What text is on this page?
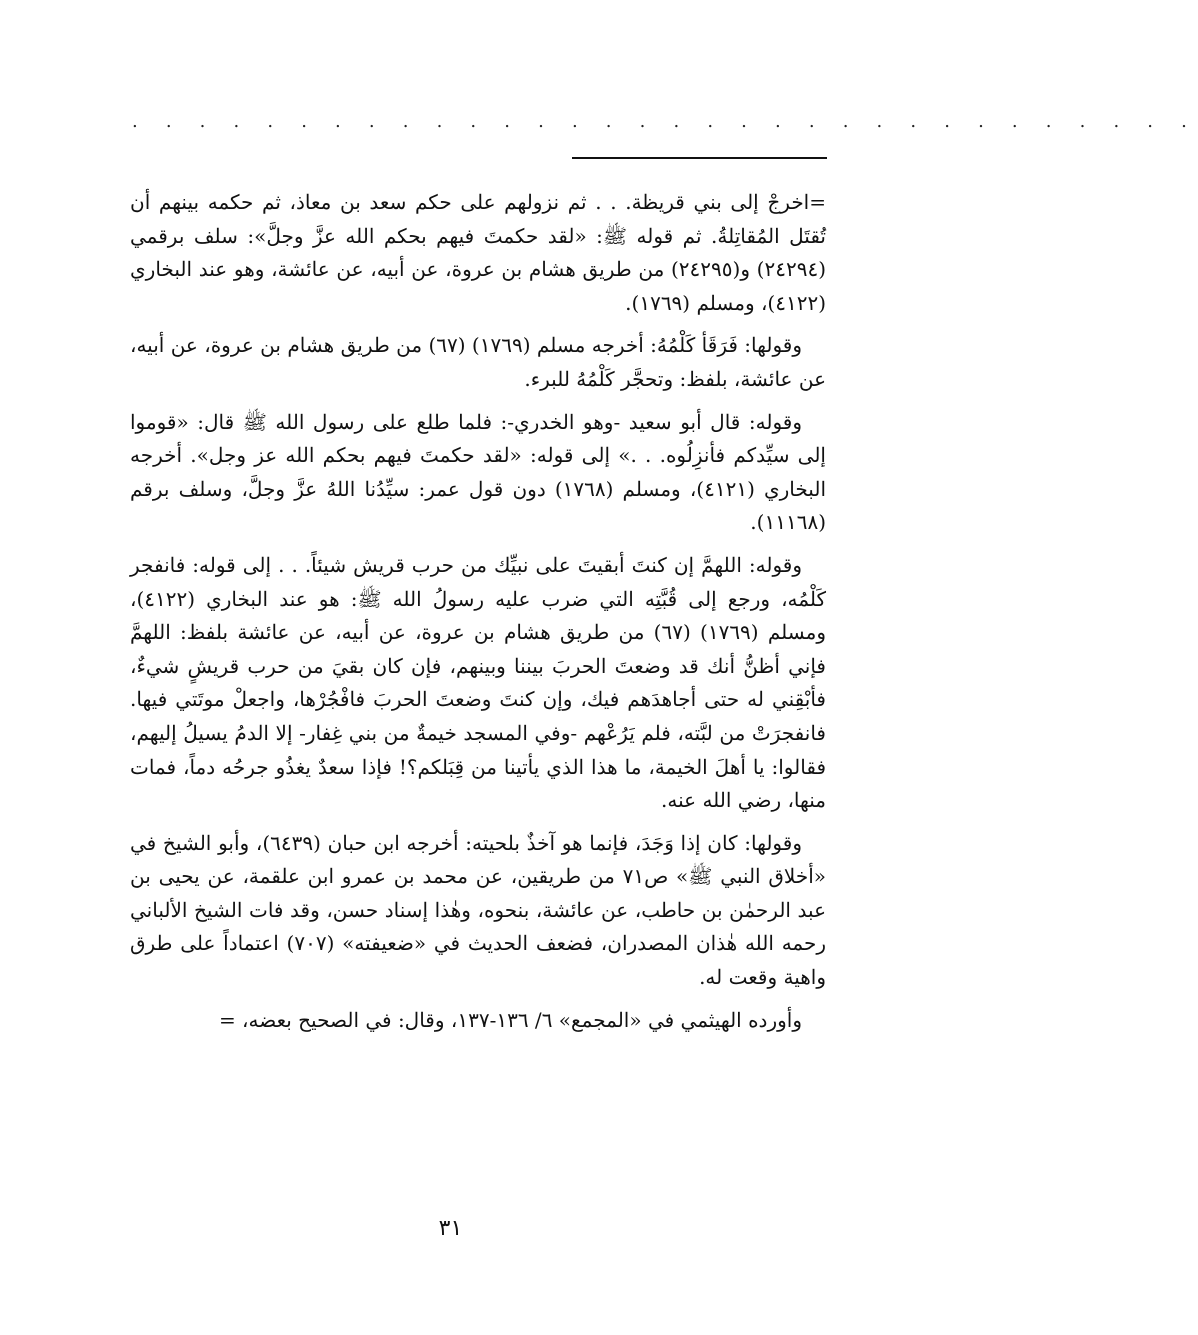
. . . . . . . . . . . . . . . . . . . . . . . . . . . . . . . .

=اخرجْ إلى بني قريظة. . . ثم نزولهم على حكم سعد بن معاذ، ثم حكمه بينهم أن تُقتَل المُقاتِلةُ. ثم قوله ﷺ: «لقد حكمتَ فيهم بحكم الله عزَّ وجلَّ»: سلف برقمي (٢٤٢٩٤) و(٢٤٢٩٥) من طريق هشام بن عروة، عن أبيه، عن عائشة، وهو عند البخاري (٤١٢٢)، ومسلم (١٧٦٩).

وقولها: فَرَقَأ كَلْمُهُ: أخرجه مسلم (١٧٦٩) (٦٧) من طريق هشام بن عروة، عن أبيه، عن عائشة، بلفظ: وتحجَّر كَلْمُهُ للبرء.

وقوله: قال أبو سعيد -وهو الخدري-: فلما طلع على رسول الله ﷺ قال: «قوموا إلى سيِّدكم فأنزِلُوه. . .» إلى قوله: «لقد حكمتَ فيهم بحكم الله عز وجل». أخرجه البخاري (٤١٢١)، ومسلم (١٧٦٨) دون قول عمر: سيِّدُنا اللهُ عزَّ وجلَّ، وسلف برقم (١١١٦٨).

وقوله: اللهمَّ إن كنتَ أبقيتَ على نبيِّك من حرب قريش شيئاً. . . إلى قوله: فانفجر كَلْمُه، ورجع إلى قُبَّتِه التي ضرب عليه رسولُ الله ﷺ: هو عند البخاري (٤١٢٢)، ومسلم (١٧٦٩) (٦٧) من طريق هشام بن عروة، عن أبيه، عن عائشة بلفظ: اللهمَّ فإني أظنُّ أنك قد وضعتَ الحربَ بيننا وبينهم، فإن كان بقيَ من حرب قريشٍ شيءٌ، فأبْقِني له حتى أجاهدَهم فيك، وإن كنتَ وضعتَ الحربَ فافْجُرْها، واجعلْ موتَتي فيها. فانفجرَتْ من لبَّته، فلم يَرُعْهم -وفي المسجد خيمةٌ من بني غِفار- إلا الدمُ يسيلُ إليهم، فقالوا: يا أهلَ الخيمة، ما هذا الذي يأتينا من قِبَلكم؟! فإذا سعدٌ يغذُو جرحُه دماً، فمات منها، رضي الله عنه.

وقولها: كان إذا وَجَدَ، فإنما هو آخذٌ بلحيته: أخرجه ابن حبان (٦٤٣٩)، وأبو الشيخ في «أخلاق النبي ﷺ» ص٧١ من طريقين، عن محمد بن عمرو ابن علقمة، عن يحيى بن عبد الرحمٰن بن حاطب، عن عائشة، بنحوه، وهٰذا إسناد حسن، وقد فات الشيخ الألباني رحمه الله هٰذان المصدران، فضعف الحديث في «ضعيفته» (٧٠٧) اعتماداً على طرق واهية وقعت له.

وأورده الهيثمي في «المجمع» ٦/ ١٣٦-١٣٧، وقال: في الصحيح بعضه، =

٣١
